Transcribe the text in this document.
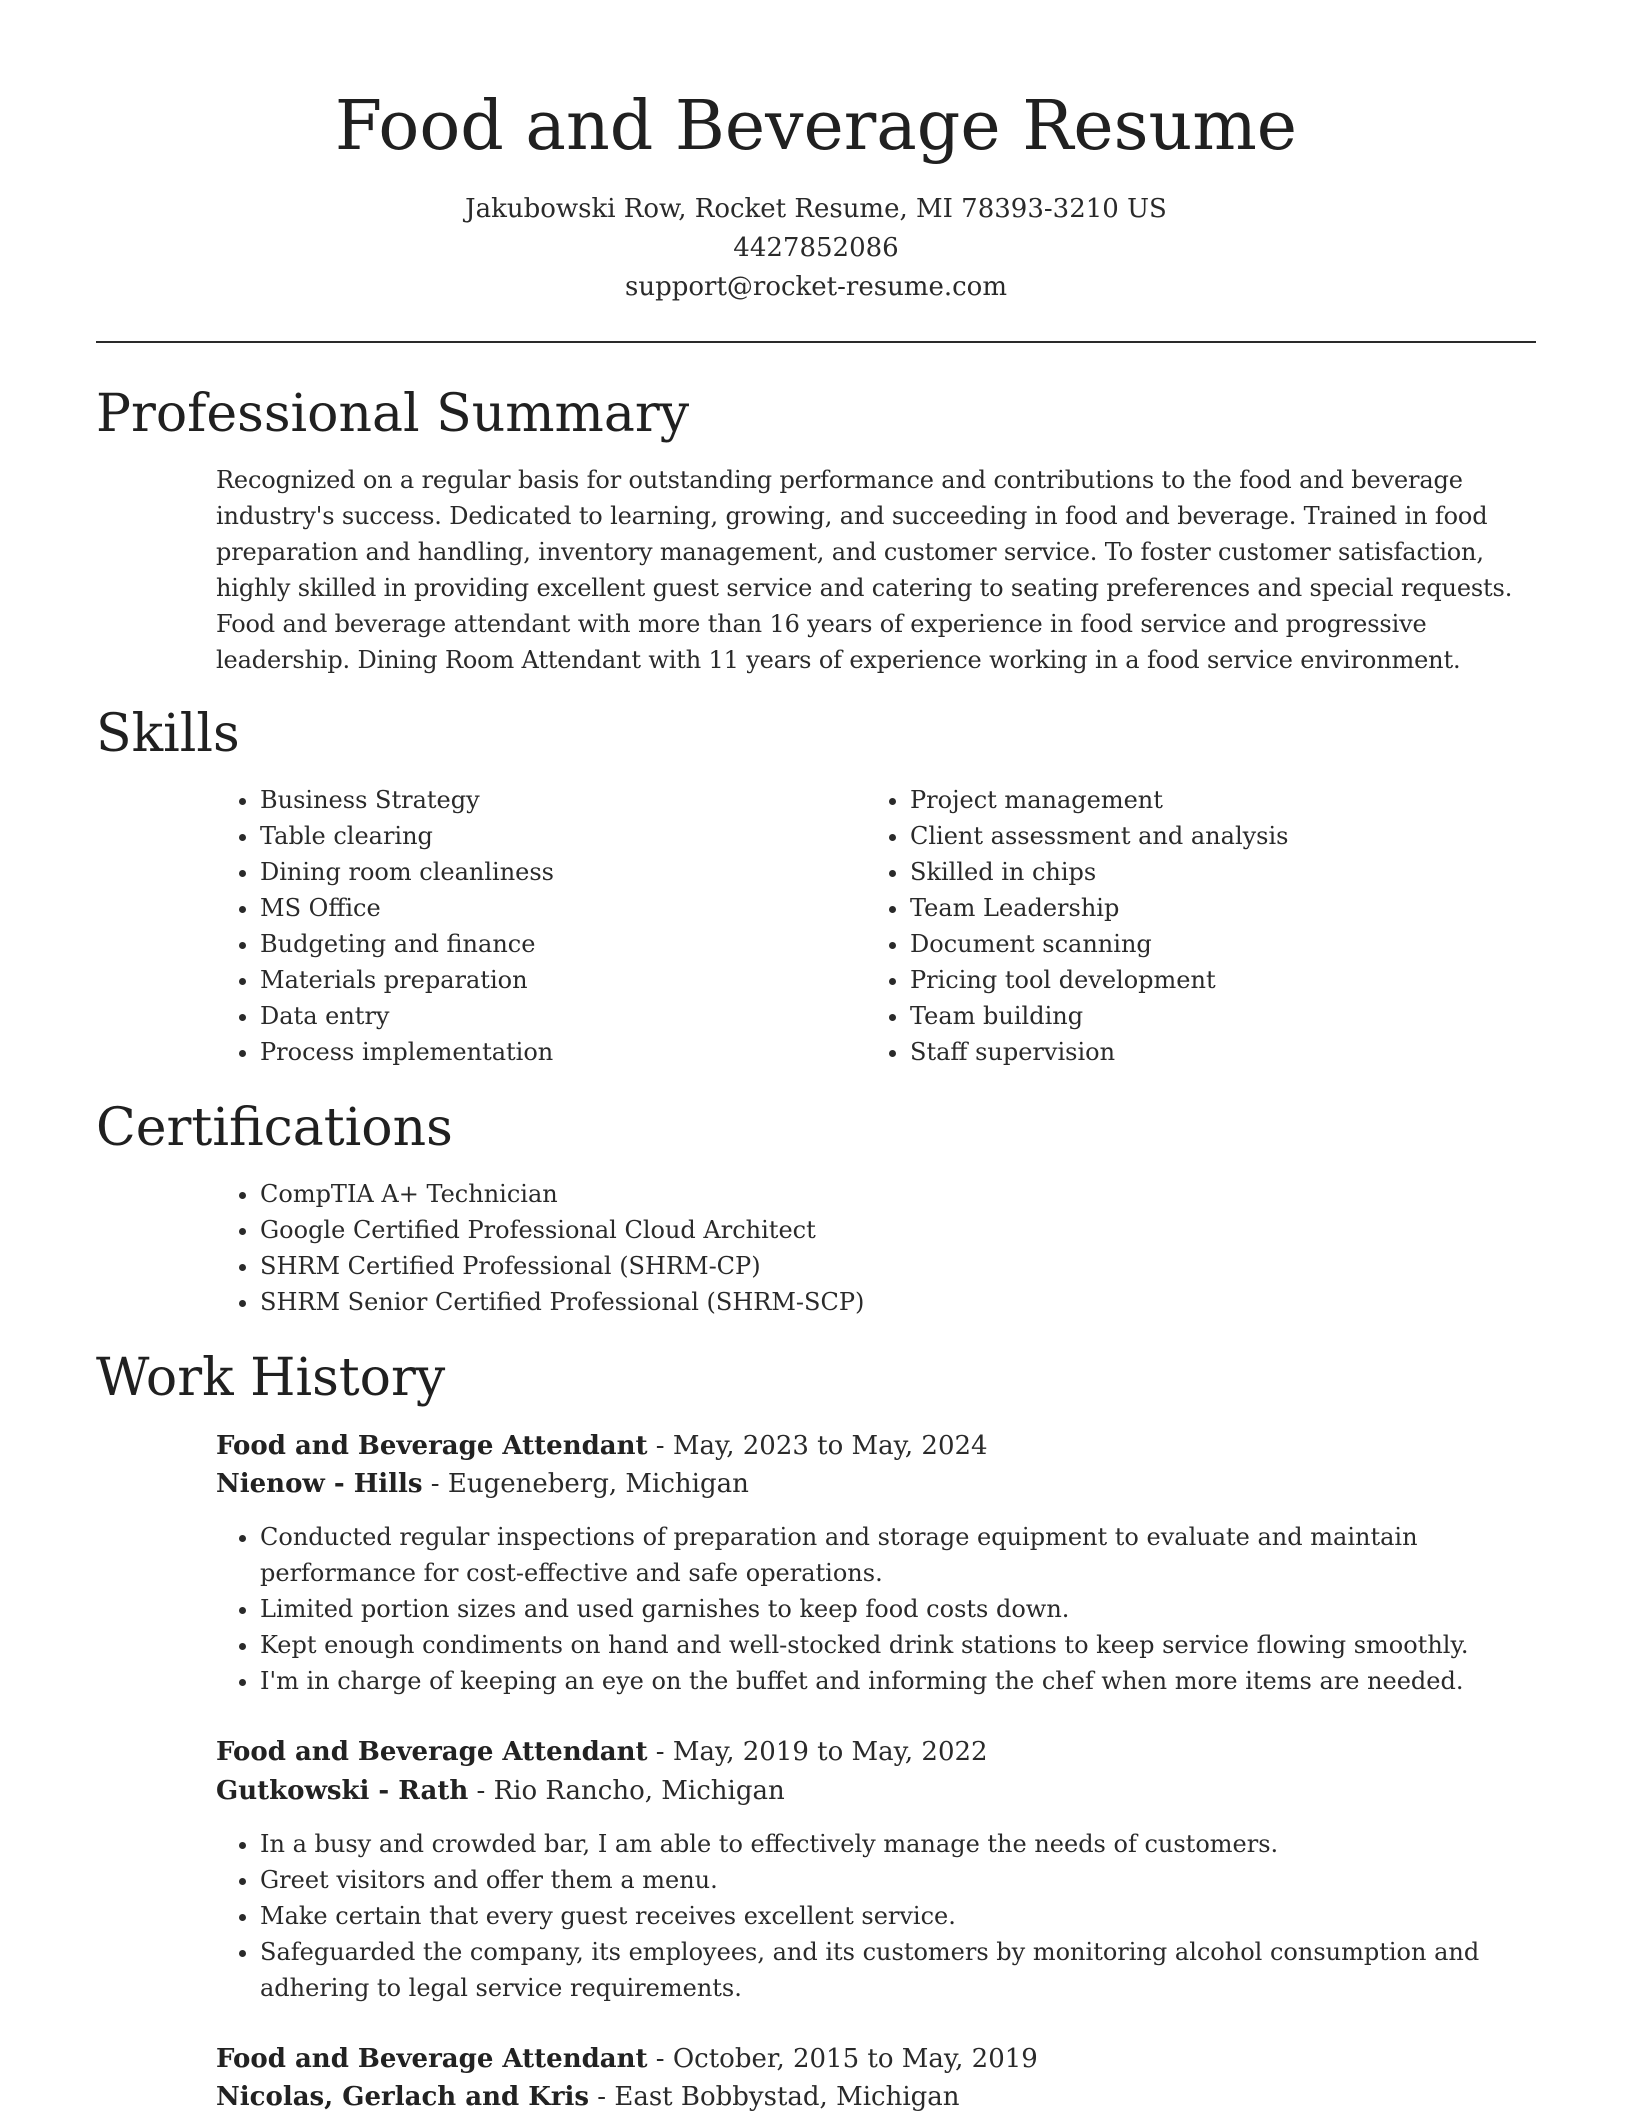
Food and Beverage Resume
Jakubowski Row, Rocket Resume, MI 78393-3210 US
4427852086
support@rocket-resume.com
Professional Summary

Recognized on a regular basis for outstanding performance and contributions to the food and beverage industry's success. Dedicated to learning, growing, and succeeding in food and beverage. Trained in food preparation and handling, inventory management, and customer service. To foster customer satisfaction, highly skilled in providing excellent guest service and catering to seating preferences and special requests. Food and beverage attendant with more than 16 years of experience in food service and progressive leadership. Dining Room Attendant with 11 years of experience working in a food service environment.

Skills
• Business Strategy
• Table clearing
• Dining room cleanliness
• MS Office
• Budgeting and finance
• Materials preparation
• Data entry
• Process implementation
• Project management
• Client assessment and analysis
• Skilled in chips
• Team Leadership
• Document scanning
• Pricing tool development
• Team building
• Staff supervision
Certifications
• CompTIA A+ Technician
• Google Certified Professional Cloud Architect
• SHRM Certified Professional (SHRM-CP)
• SHRM Senior Certified Professional (SHRM-SCP)
Work History
Food and Beverage Attendant - May, 2023 to May, 2024
Nienow - Hills - Eugeneberg, Michigan
• Conducted regular inspections of preparation and storage equipment to evaluate and maintain performance for cost-effective and safe operations.
• Limited portion sizes and used garnishes to keep food costs down.
• Kept enough condiments on hand and well-stocked drink stations to keep service flowing smoothly.
• I'm in charge of keeping an eye on the buffet and informing the chef when more items are needed.
Food and Beverage Attendant - May, 2019 to May, 2022
Gutkowski - Rath - Rio Rancho, Michigan
• In a busy and crowded bar, I am able to effectively manage the needs of customers.
• Greet visitors and offer them a menu.
• Make certain that every guest receives excellent service.
• Safeguarded the company, its employees, and its customers by monitoring alcohol consumption and adhering to legal service requirements.
Food and Beverage Attendant - October, 2015 to May, 2019
Nicolas, Gerlach and Kris - East Bobbystad, Michigan
